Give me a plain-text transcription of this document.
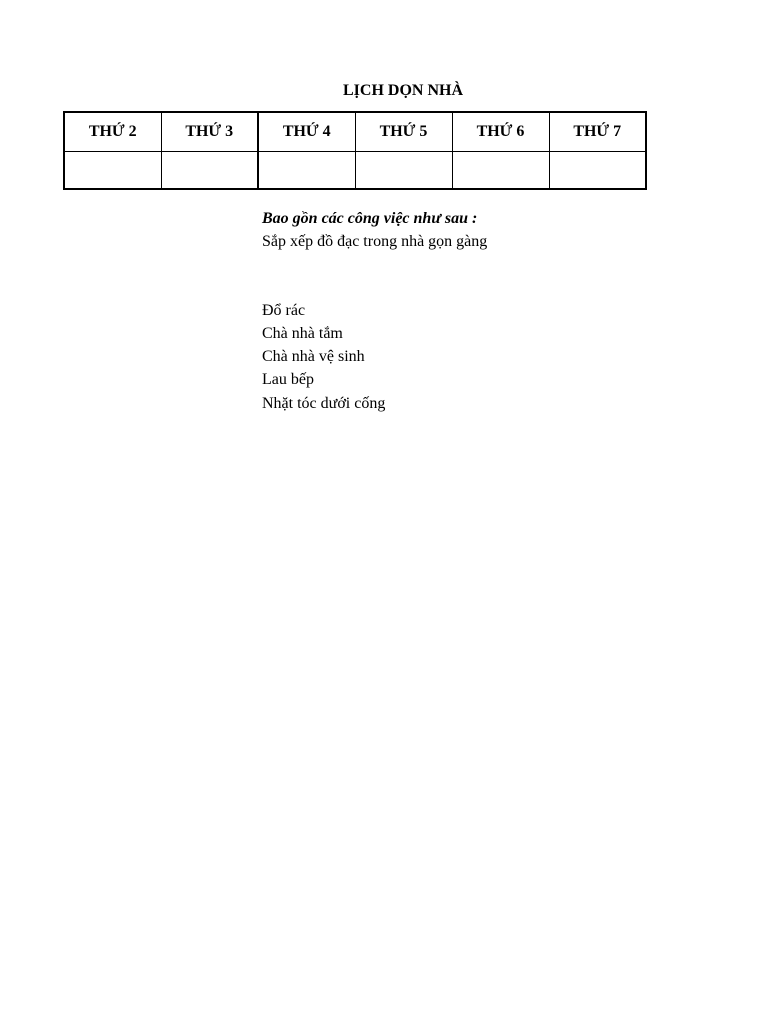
LỊCH DỌN NHÀ
THỨ 2	THỨ 3	THỨ 4	THỨ 5	THỨ 6	THỨ 7

Bao gồn các công việc như sau :
Sắp xếp đồ đạc trong nhà gọn gàng
Đổ rác
Chà nhà tắm
Chà nhà vệ sinh
Lau bếp
Nhặt tóc dưới cống
